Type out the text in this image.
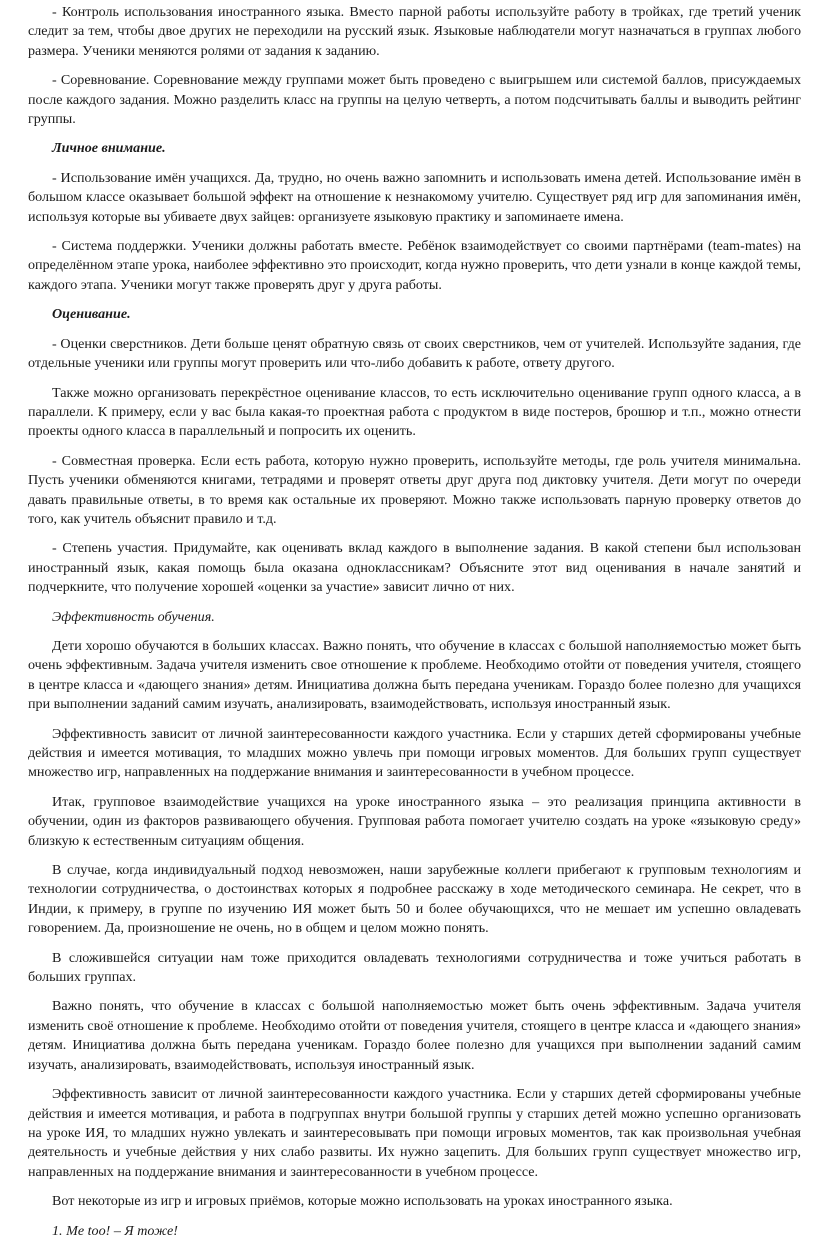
- Контроль использования иностранного языка. Вместо парной работы используйте работу в тройках, где третий ученик следит за тем, чтобы двое других не переходили на русский язык. Языковые наблюдатели могут назначаться в группах любого размера. Ученики меняются ролями от задания к заданию.

- Соревнование. Соревнование между группами может быть проведено с выигрышем или системой баллов, присуждаемых после каждого задания. Можно разделить класс на группы на целую четверть, а потом подсчитывать баллы и выводить рейтинг группы.

Личное внимание.

- Использование имён учащихся. Да, трудно, но очень важно запомнить и использовать имена детей. Использование имён в большом классе оказывает большой эффект на отношение к незнакомому учителю. Существует ряд игр для запоминания имён, используя которые вы убиваете двух зайцев: организуете языковую практику и запоминаете имена.

- Система поддержки. Ученики должны работать вместе. Ребёнок взаимодействует со своими партнёрами (team-mates) на определённом этапе урока, наиболее эффективно это происходит, когда нужно проверить, что дети узнали в конце каждой темы, каждого этапа. Ученики могут также проверять друг у друга работы.

Оценивание.

- Оценки сверстников. Дети больше ценят обратную связь от своих сверстников, чем от учителей. Используйте задания, где отдельные ученики или группы могут проверить или что-либо добавить к работе, ответу другого.

Также можно организовать перекрёстное оценивание классов, то есть исключительно оценивание групп одного класса, а в параллели. К примеру, если у вас была какая-то проектная работа с продуктом в виде постеров, брошюр и т.п., можно отнести проекты одного класса в параллельный и попросить их оценить.

- Совместная проверка. Если есть работа, которую нужно проверить, используйте методы, где роль учителя минимальна. Пусть ученики обменяются книгами, тетрадями и проверят ответы друг друга под диктовку учителя. Дети могут по очереди давать правильные ответы, в то время как остальные их проверяют. Можно также использовать парную проверку ответов до того, как учитель объяснит правило и т.д.

- Степень участия. Придумайте, как оценивать вклад каждого в выполнение задания. В какой степени был использован иностранный язык, какая помощь была оказана одноклассникам? Объясните этот вид оценивания в начале занятий и подчеркните, что получение хорошей «оценки за участие» зависит лично от них.

Эффективность обучения.

Дети хорошо обучаются в больших классах. Важно понять, что обучение в классах с большой наполняемостью может быть очень эффективным. Задача учителя изменить свое отношение к проблеме. Необходимо отойти от поведения учителя, стоящего в центре класса и «дающего знания» детям. Инициатива должна быть передана ученикам. Гораздо более полезно для учащихся при выполнении заданий самим изучать, анализировать, взаимодействовать, используя иностранный язык.

Эффективность зависит от личной заинтересованности каждого участника. Если у старших детей сформированы учебные действия и имеется мотивация, то младших можно увлечь при помощи игровых моментов. Для больших групп существует множество игр, направленных на поддержание внимания и заинтересованности в учебном процессе.

Итак, групповое взаимодействие учащихся на уроке иностранного языка – это реализация принципа активности в обучении, один из факторов развивающего обучения. Групповая работа помогает учителю создать на уроке «языковую среду» близкую к естественным ситуациям общения.

В случае, когда индивидуальный подход невозможен, наши зарубежные коллеги прибегают к групповым технологиям и технологии сотрудничества, о достоинствах которых я подробнее расскажу в ходе методического семинара. Не секрет, что в Индии, к примеру, в группе по изучению ИЯ может быть 50 и более обучающихся, что не мешает им успешно овладевать говорением. Да, произношение не очень, но в общем и целом можно понять.

В сложившейся ситуации нам тоже приходится овладевать технологиями сотрудничества и тоже учиться работать в больших группах.

Важно понять, что обучение в классах с большой наполняемостью может быть очень эффективным. Задача учителя изменить своё отношение к проблеме. Необходимо отойти от поведения учителя, стоящего в центре класса и «дающего знания» детям. Инициатива должна быть передана ученикам. Гораздо более полезно для учащихся при выполнении заданий самим изучать, анализировать, взаимодействовать, используя иностранный язык.

Эффективность зависит от личной заинтересованности каждого участника. Если у старших детей сформированы учебные действия и имеется мотивация, и работа в подгруппах внутри большой группы у старших детей можно успешно организовать на уроке ИЯ, то младших нужно увлекать и заинтересовывать при помощи игровых моментов, так как произвольная учебная деятельность и учебные действия у них слабо развиты. Их нужно зацепить. Для больших групп существует множество игр, направленных на поддержание внимания и заинтересованности в учебном процессе.

Вот некоторые из игр и игровых приёмов, которые можно использовать на уроках иностранного языка.

1. Me too! – Я тоже!
